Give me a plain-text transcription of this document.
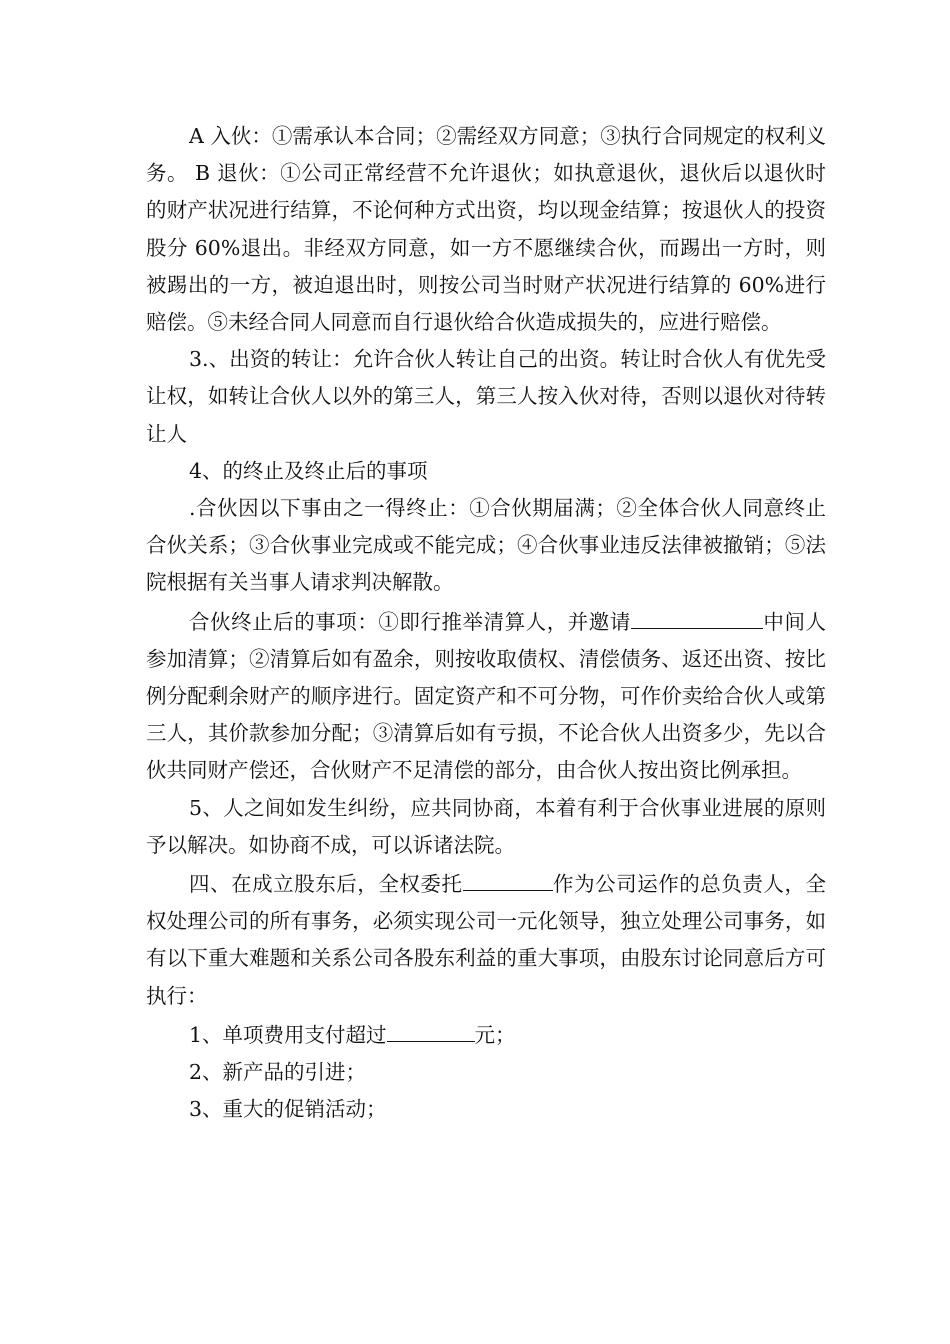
A 入伙：①需承认本合同；②需经双方同意；③执行合同规定的权利义务。 B 退伙：①公司正常经营不允许退伙；如执意退伙，退伙后以退伙时的财产状况进行结算，不论何种方式出资，均以现金结算；按退伙人的投资股分 60%退出。非经双方同意，如一方不愿继续合伙，而踢出一方时，则被踢出的一方，被迫退出时，则按公司当时财产状况进行结算的 60%进行赔偿。⑤未经合同人同意而自行退伙给合伙造成损失的，应进行赔偿。

3.、出资的转让：允许合伙人转让自己的出资。转让时合伙人有优先受让权，如转让合伙人以外的第三人，第三人按入伙对待，否则以退伙对待转让人

4、的终止及终止后的事项

.合伙因以下事由之一得终止：①合伙期届满；②全体合伙人同意终止合伙关系；③合伙事业完成或不能完成；④合伙事业违反法律被撤销；⑤法院根据有关当事人请求判决解散。

合伙终止后的事项：①即行推举清算人，并邀请	中间人参加清算；②清算后如有盈余，则按收取债权、清偿债务、返还出资、按比例分配剩余财产的顺序进行。固定资产和不可分物，可作价卖给合伙人或第三人，其价款参加分配；③清算后如有亏损，不论合伙人出资多少，先以合伙共同财产偿还，合伙财产不足清偿的部分，由合伙人按出资比例承担。

5、人之间如发生纠纷，应共同协商，本着有利于合伙事业进展的原则予以解决。如协商不成，可以诉诸法院。

四、在成立股东后，全权委托	作为公司运作的总负责人，全权处理公司的所有事务，必须实现公司一元化领导，独立处理公司事务，如有以下重大难题和关系公司各股东利益的重大事项，由股东讨论同意后方可执行：

1、单项费用支付超过	元；

2、新产品的引进；

3、重大的促销活动；
